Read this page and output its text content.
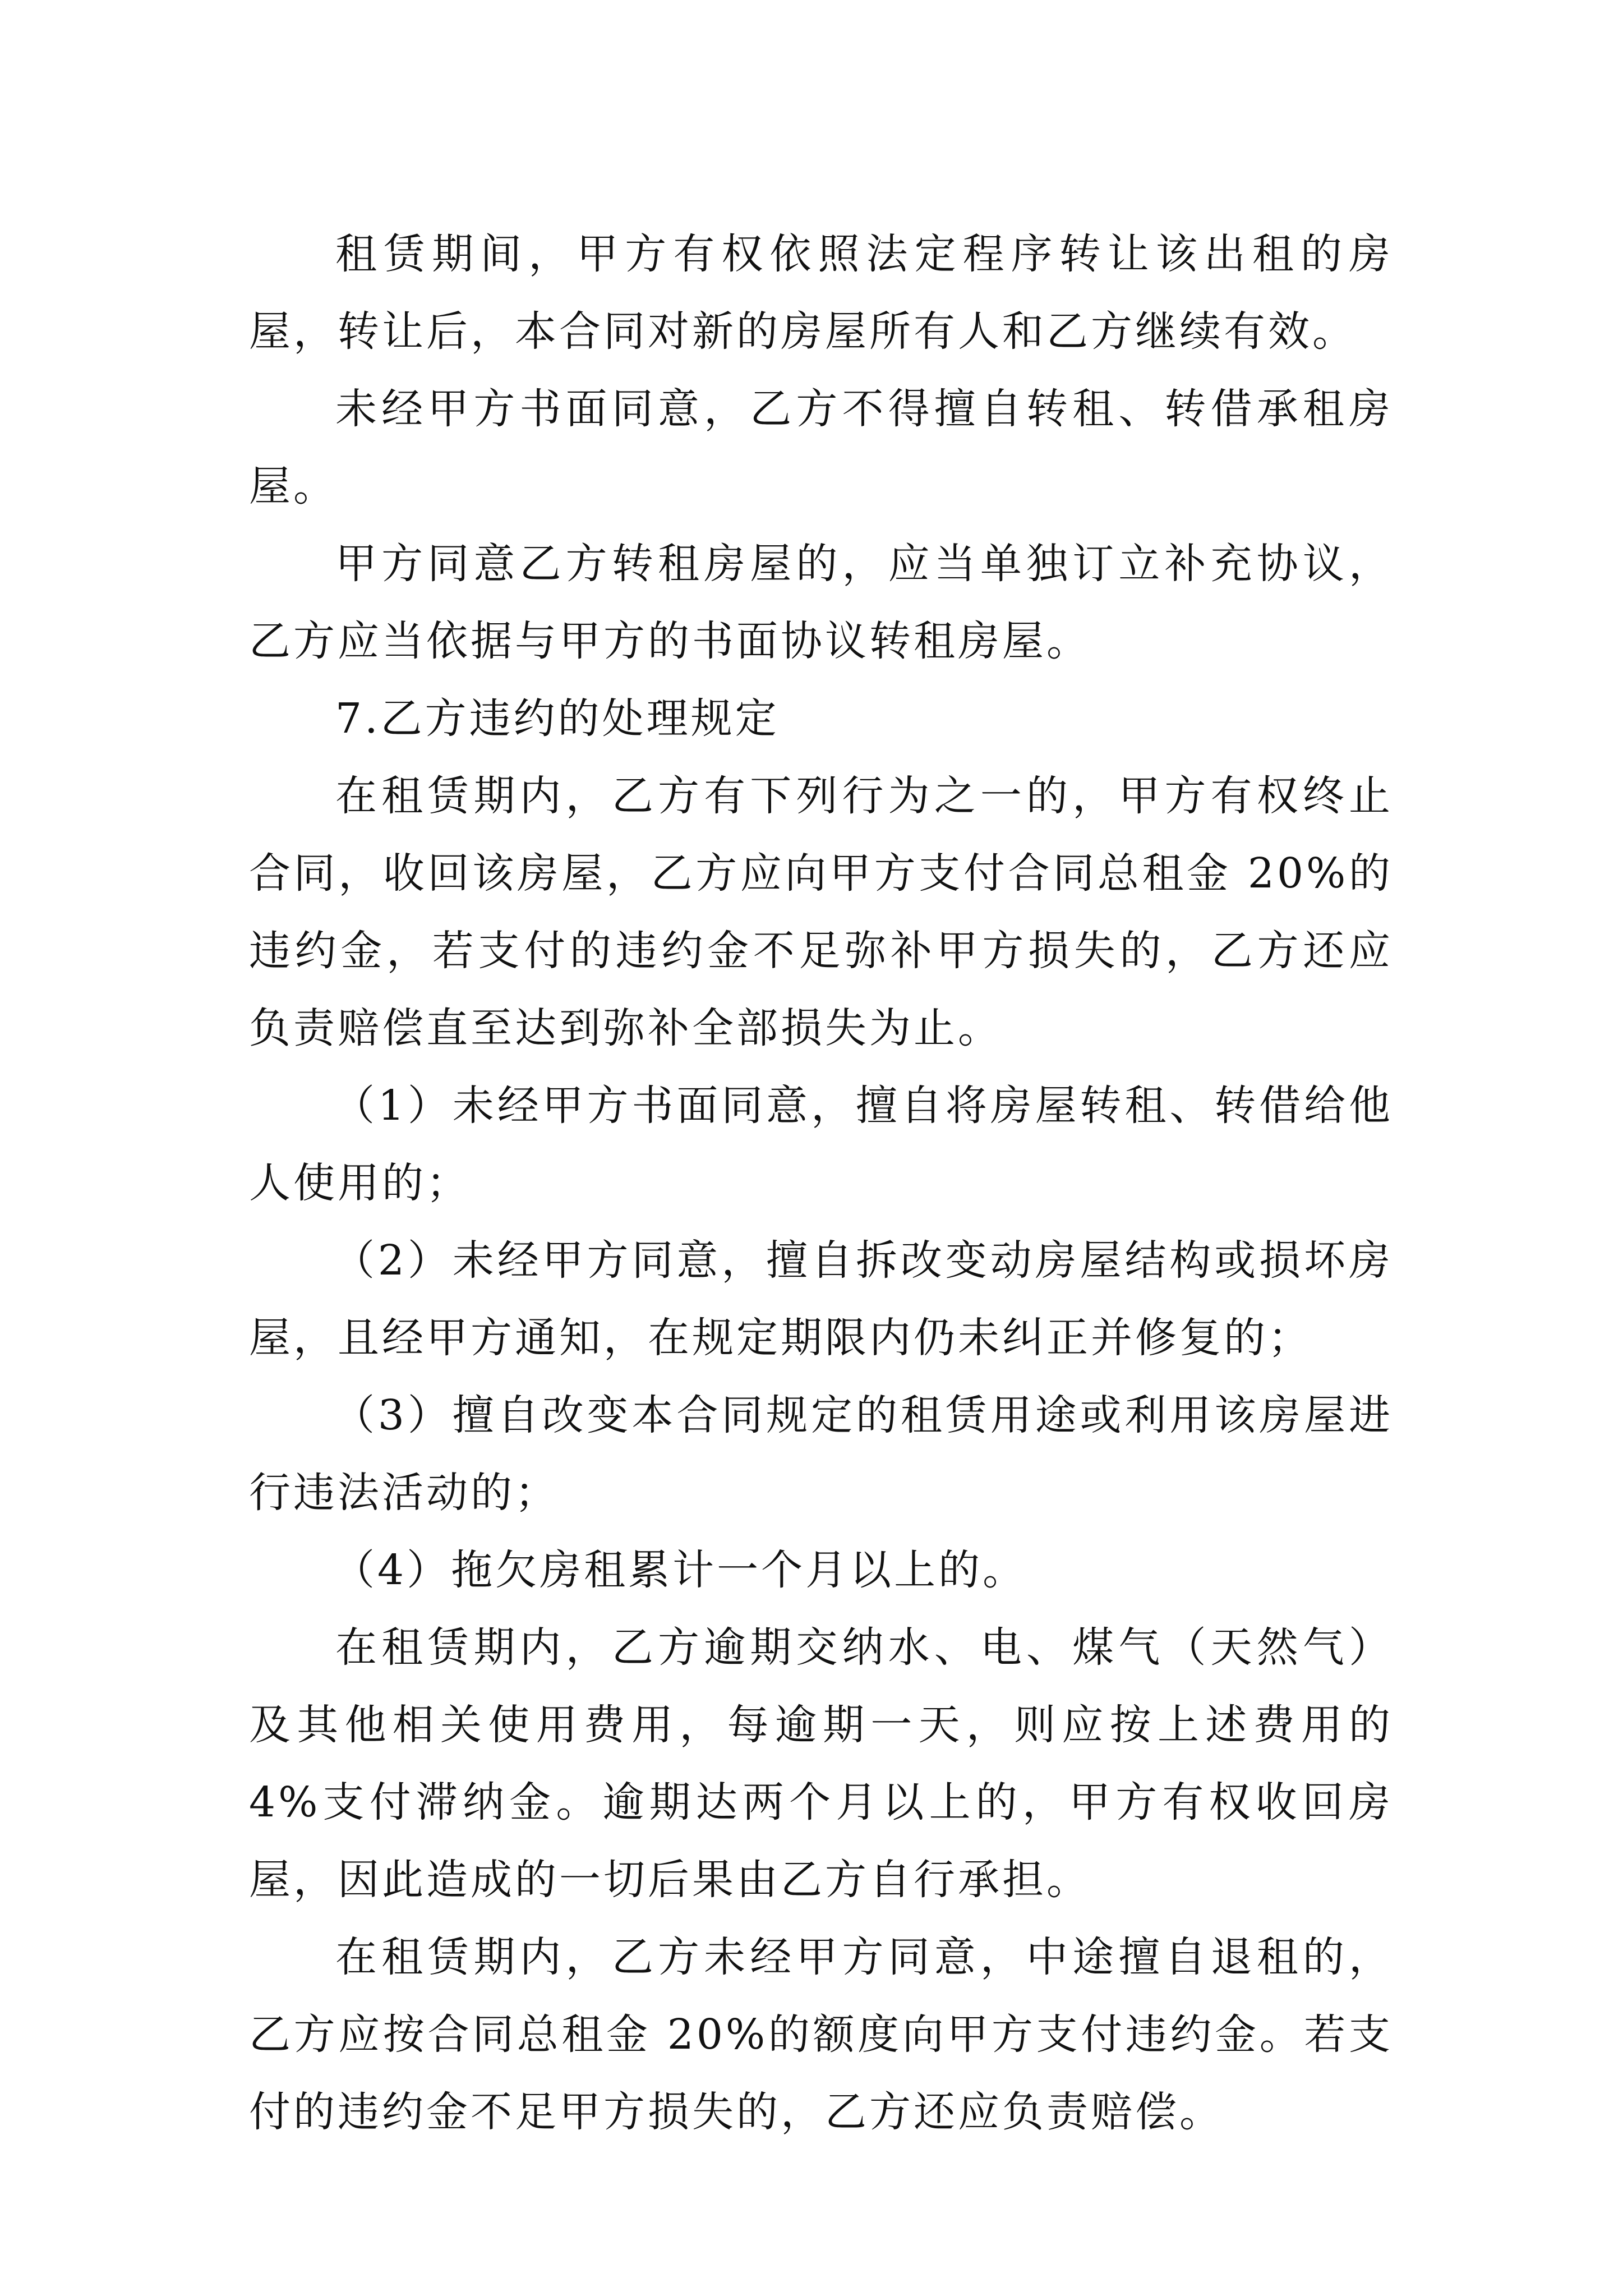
租赁期间，甲方有权依照法定程序转让该出租的房屋，转让后，本合同对新的房屋所有人和乙方继续有效。

未经甲方书面同意，乙方不得擅自转租、转借承租房屋。

甲方同意乙方转租房屋的，应当单独订立补充协议，乙方应当依据与甲方的书面协议转租房屋。

7.乙方违约的处理规定

在租赁期内，乙方有下列行为之一的，甲方有权终止合同，收回该房屋，乙方应向甲方支付合同总租金 20%的违约金，若支付的违约金不足弥补甲方损失的，乙方还应负责赔偿直至达到弥补全部损失为止。

（1）未经甲方书面同意，擅自将房屋转租、转借给他人使用的；

（2）未经甲方同意，擅自拆改变动房屋结构或损坏房屋，且经甲方通知，在规定期限内仍未纠正并修复的；

（3）擅自改变本合同规定的租赁用途或利用该房屋进行违法活动的；

（4）拖欠房租累计一个月以上的。

在租赁期内，乙方逾期交纳水、电、煤气（天然气）及其他相关使用费用，每逾期一天，则应按上述费用的 4%支付滞纳金。逾期达两个月以上的，甲方有权收回房屋，因此造成的一切后果由乙方自行承担。

在租赁期内，乙方未经甲方同意，中途擅自退租的，乙方应按合同总租金 20%的额度向甲方支付违约金。若支付的违约金不足甲方损失的，乙方还应负责赔偿。
